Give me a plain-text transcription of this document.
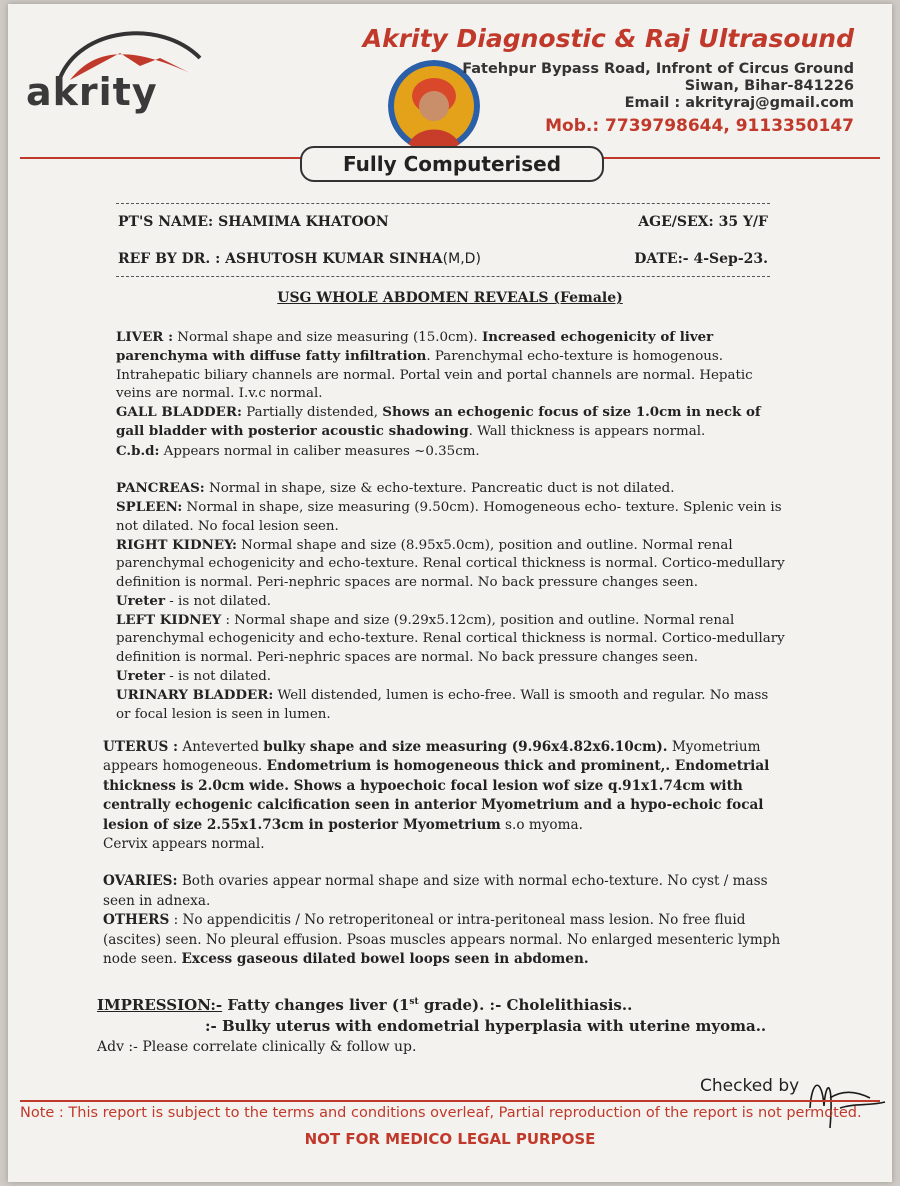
akrity
Akrity Diagnostic & Raj Ultrasound
Fatehpur Bypass Road, Infront of Circus Ground
Siwan, Bihar-841226
Email : akrityraj@gmail.com
Mob.: 7739798644, 9113350147
Fully Computerised
PT'S NAME: SHAMIMA KHATOON	AGE/SEX: 35 Y/F
REF BY DR. : ASHUTOSH KUMAR SINHA(M,D)	DATE:- 4-Sep-23.
USG WHOLE ABDOMEN REVEALS (Female)

LIVER : Normal shape and size measuring (15.0cm). Increased echogenicity of liver parenchyma with diffuse fatty infiltration. Parenchymal echo-texture is homogenous. Intrahepatic biliary channels are normal. Portal vein and portal channels are normal. Hepatic veins are normal. I.v.c normal.

GALL BLADDER: Partially distended, Shows an echogenic focus of size 1.0cm in neck of gall bladder with posterior acoustic shadowing. Wall thickness is appears normal.

C.b.d: Appears normal in caliber measures ~0.35cm.

PANCREAS: Normal in shape, size & echo-texture. Pancreatic duct is not dilated.

SPLEEN: Normal in shape, size measuring (9.50cm). Homogeneous echo- texture. Splenic vein is not dilated. No focal lesion seen.

RIGHT KIDNEY: Normal shape and size (8.95x5.0cm), position and outline. Normal renal parenchymal echogenicity and echo-texture. Renal cortical thickness is normal. Cortico-medullary definition is normal. Peri-nephric spaces are normal. No back pressure changes seen.

Ureter - is not dilated.

LEFT KIDNEY : Normal shape and size (9.29x5.12cm), position and outline. Normal renal parenchymal echogenicity and echo-texture. Renal cortical thickness is normal. Cortico-medullary definition is normal. Peri-nephric spaces are normal. No back pressure changes seen.

Ureter - is not dilated.

URINARY BLADDER: Well distended, lumen is echo-free. Wall is smooth and regular. No mass or focal lesion is seen in lumen.

UTERUS : Anteverted bulky shape and size measuring (9.96x4.82x6.10cm). Myometrium appears homogeneous. Endometrium is homogeneous thick and prominent,. Endometrial thickness is 2.0cm wide. Shows a hypoechoic focal lesion wof size q.91x1.74cm with centrally echogenic calcification seen in anterior Myometrium and a hypo-echoic focal lesion of size 2.55x1.73cm in posterior Myometrium s.o myoma.

Cervix appears normal.

OVARIES: Both ovaries appear normal shape and size with normal echo-texture. No cyst / mass seen in adnexa.

OTHERS : No appendicitis / No retroperitoneal or intra-peritoneal mass lesion. No free fluid (ascites) seen. No pleural effusion. Psoas muscles appears normal. No enlarged mesenteric lymph node seen. Excess gaseous dilated bowel loops seen in abdomen.

IMPRESSION:- Fatty changes liver (1st grade). :- Cholelithiasis..

:- Bulky uterus with endometrial hyperplasia with uterine myoma..

Adv :- Please correlate clinically & follow up.

Checked by
Note : This report is subject to the terms and conditions overleaf, Partial reproduction of the report is not permoted.
NOT FOR MEDICO LEGAL PURPOSE
